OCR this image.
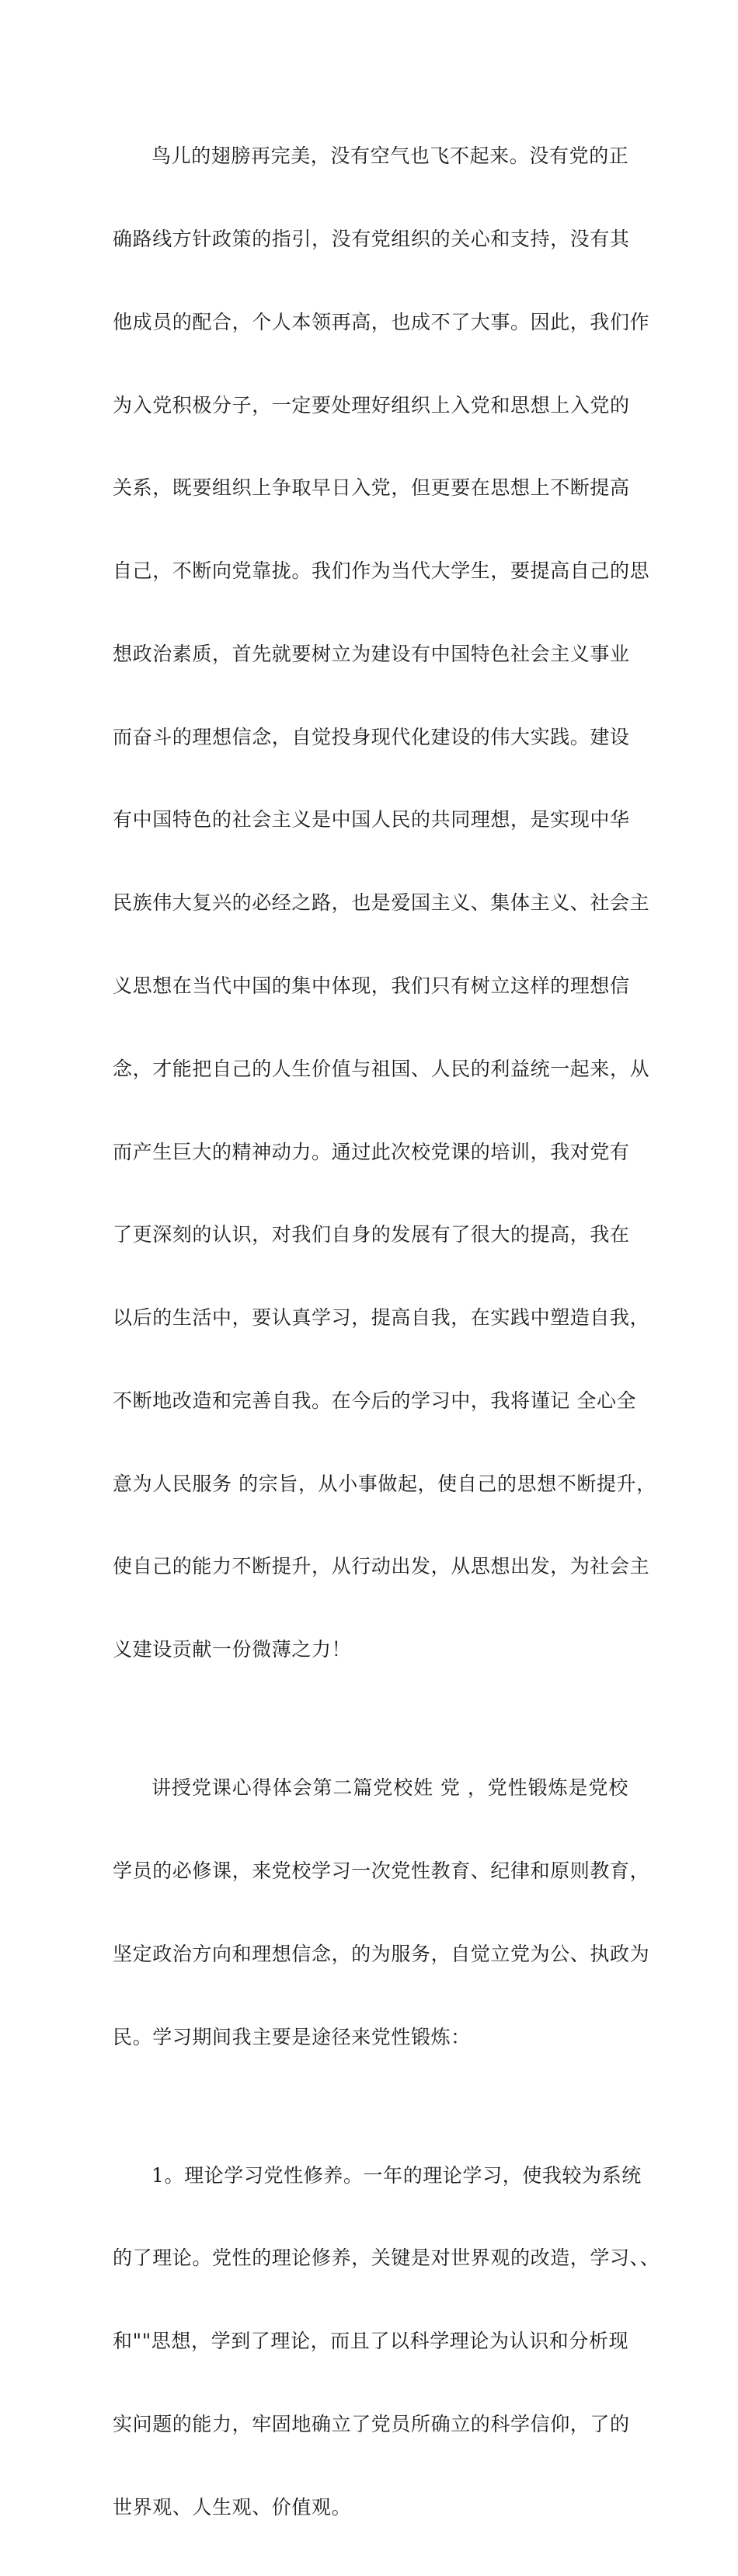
鸟儿的翅膀再完美，没有空气也飞不起来。没有党的正

确路线方针政策的指引，没有党组织的关心和支持，没有其

他成员的配合，个人本领再高，也成不了大事。因此，我们作

为入党积极分子，一定要处理好组织上入党和思想上入党的

关系，既要组织上争取早日入党，但更要在思想上不断提高

自己，不断向党靠拢。我们作为当代大学生，要提高自己的思

想政治素质，首先就要树立为建设有中国特色社会主义事业

而奋斗的理想信念，自觉投身现代化建设的伟大实践。建设

有中国特色的社会主义是中国人民的共同理想，是实现中华

民族伟大复兴的必经之路，也是爱国主义、集体主义、社会主

义思想在当代中国的集中体现，我们只有树立这样的理想信

念，才能把自己的人生价值与祖国、人民的利益统一起来，从

而产生巨大的精神动力。通过此次校党课的培训，我对党有

了更深刻的认识，对我们自身的发展有了很大的提高，我在

以后的生活中，要认真学习，提高自我，在实践中塑造自我，

不断地改造和完善自我。在今后的学习中，我将谨记 全心全

意为人民服务 的宗旨，从小事做起，使自己的思想不断提升，

使自己的能力不断提升，从行动出发，从思想出发，为社会主

义建设贡献一份微薄之力！

讲授党课心得体会第二篇党校姓 党 ，党性锻炼是党校

学员的必修课，来党校学习一次党性教育、纪律和原则教育，

坚定政治方向和理想信念，的为服务，自觉立党为公、执政为

民。学习期间我主要是途径来党性锻炼：

1。理论学习党性修养。一年的理论学习，使我较为系统

的了理论。党性的理论修养，关键是对世界观的改造，学习、、

和""思想，学到了理论，而且了以科学理论为认识和分析现

实问题的能力，牢固地确立了党员所确立的科学信仰，了的

世界观、人生观、价值观。
